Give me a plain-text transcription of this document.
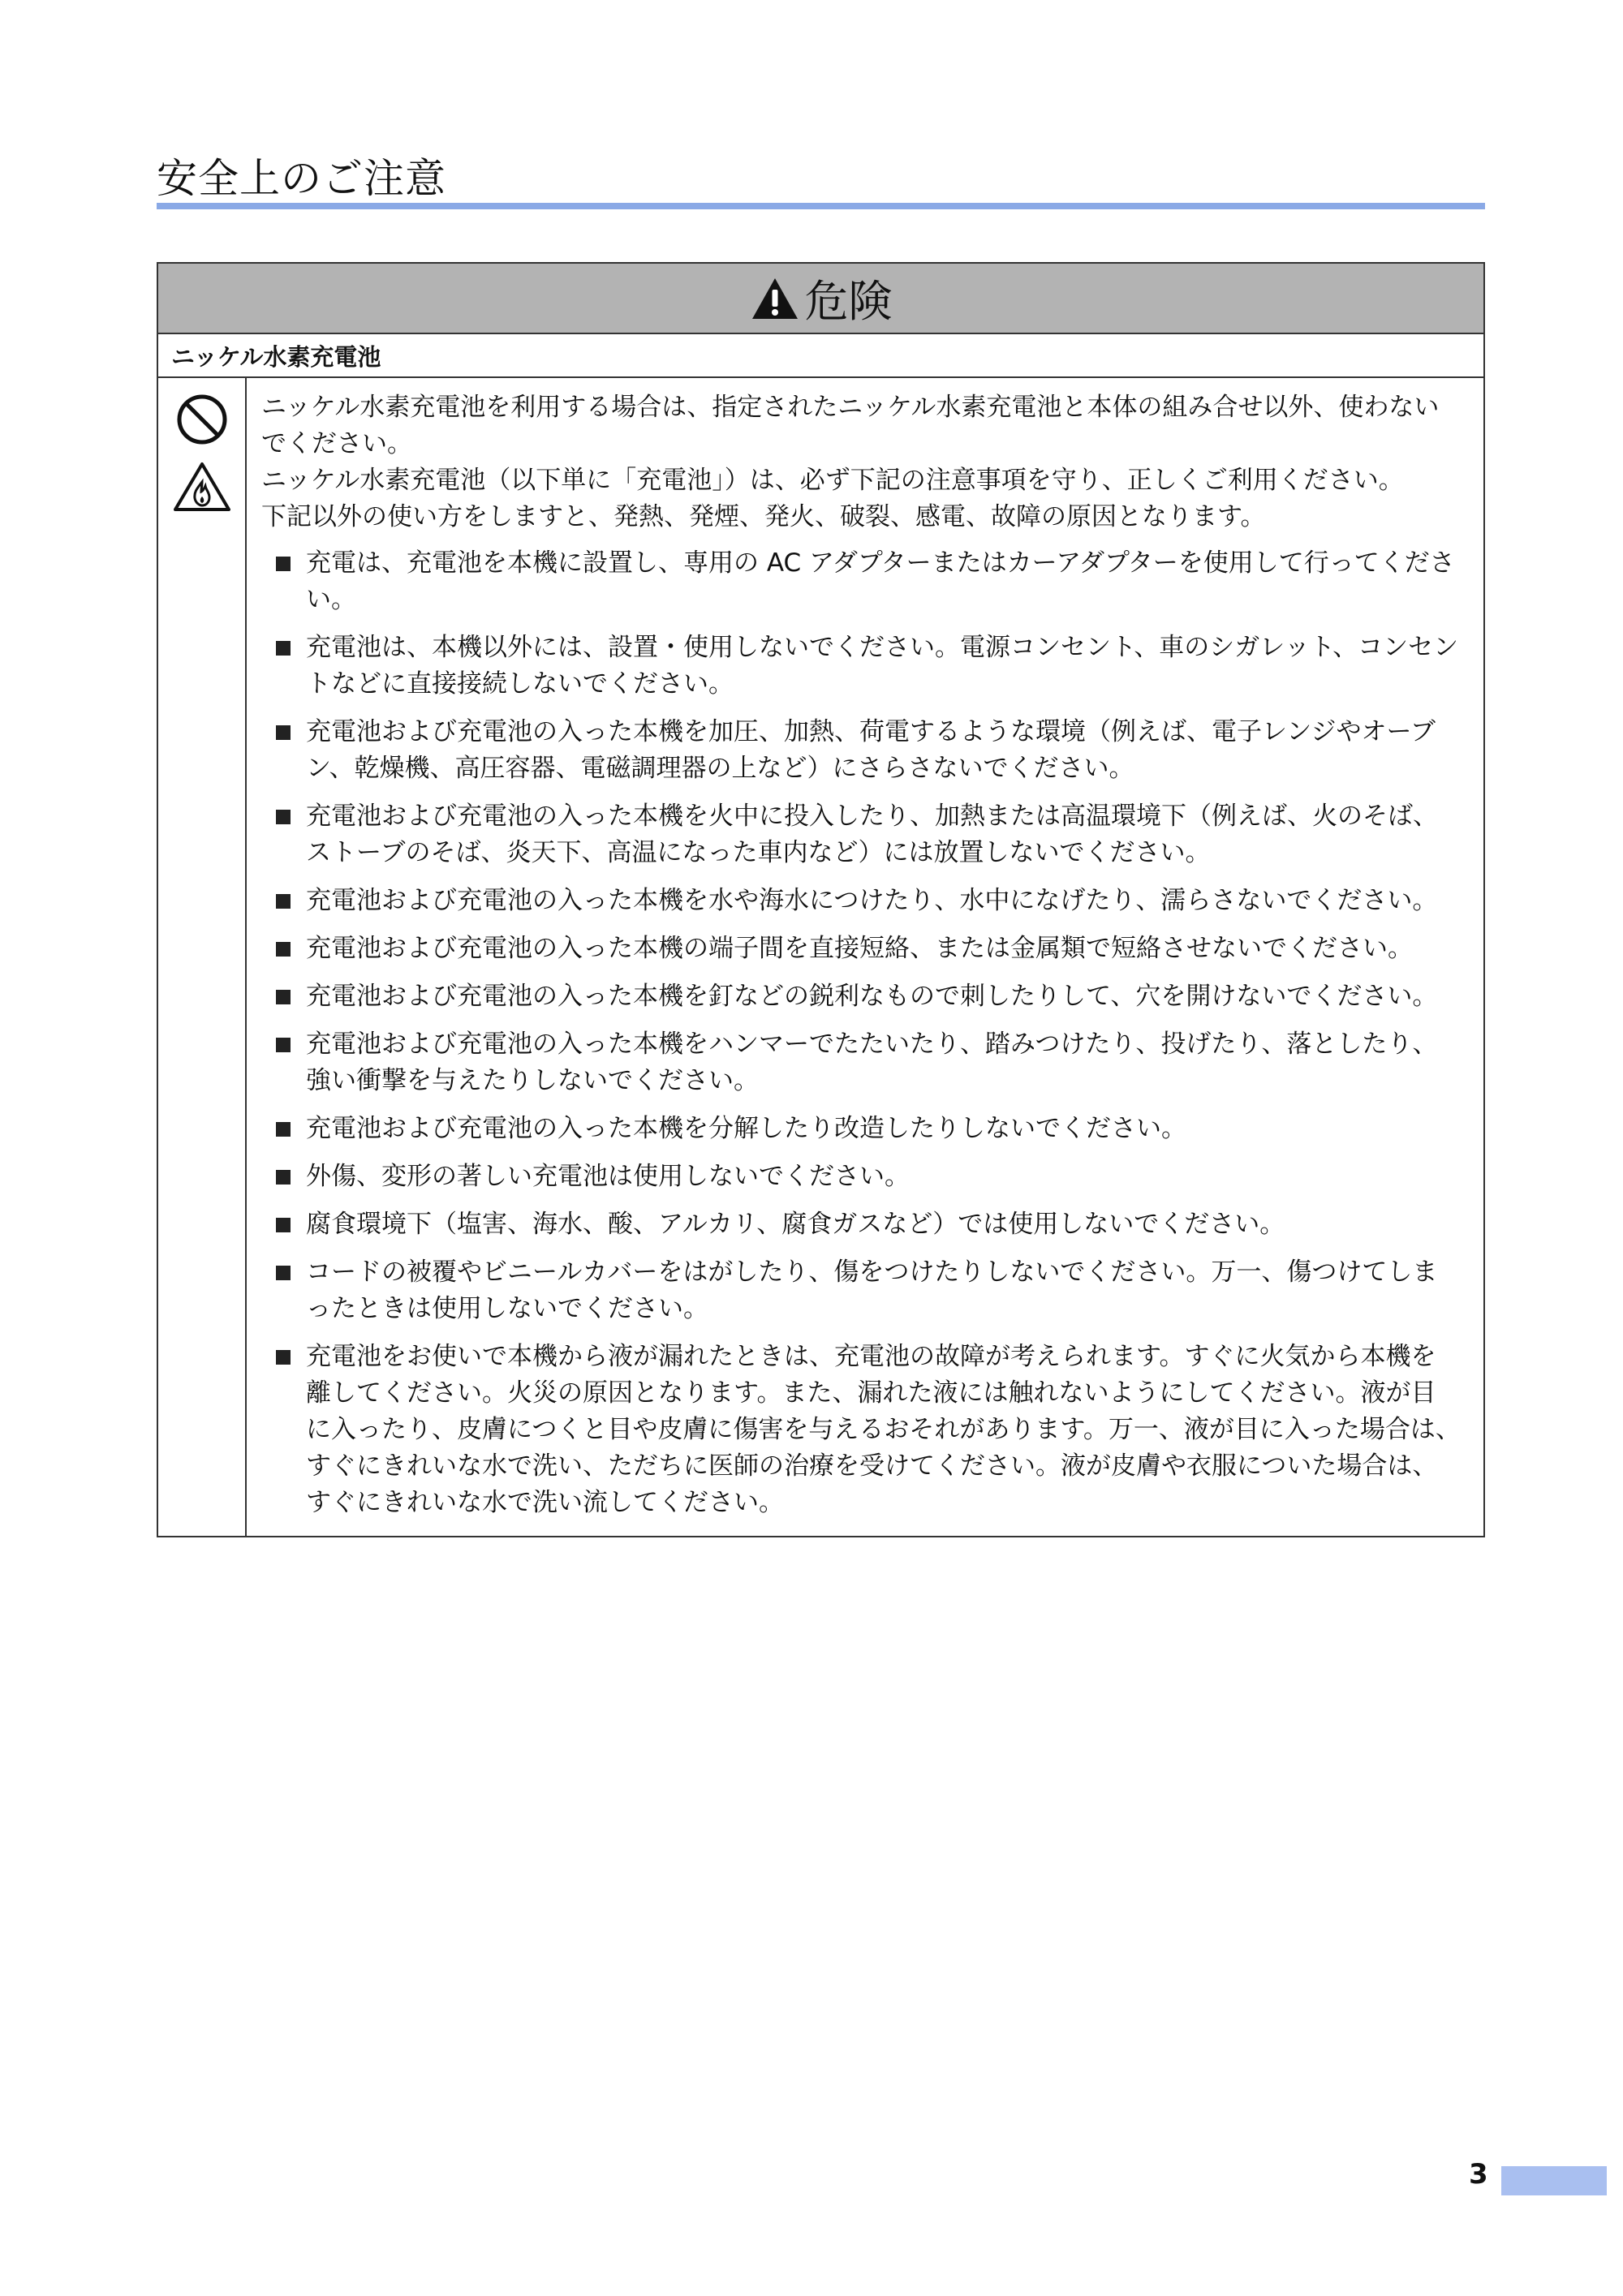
安全上のご注意
危険
ニッケル水素充電池

ニッケル水素充電池を利用する場合は、指定されたニッケル水素充電池と本体の組み合せ以外、使わないでください。

ニッケル水素充電池（以下単に「充電池」）は、必ず下記の注意事項を守り、正しくご利用ください。

下記以外の使い方をしますと、発熱、発煙、発火、破裂、感電、故障の原因となります。

充電は、充電池を本機に設置し、専用の AC アダプターまたはカーアダプターを使用して行ってください。
充電池は、本機以外には、設置・使用しないでください。電源コンセント、車のシガレット、コンセントなどに直接接続しないでください。
充電池および充電池の入った本機を加圧、加熱、荷電するような環境（例えば、電子レンジやオーブン、乾燥機、高圧容器、電磁調理器の上など）にさらさないでください。
充電池および充電池の入った本機を火中に投入したり、加熱または高温環境下（例えば、火のそば、ストーブのそば、炎天下、高温になった車内など）には放置しないでください。
充電池および充電池の入った本機を水や海水につけたり、水中になげたり、濡らさないでください。
充電池および充電池の入った本機の端子間を直接短絡、または金属類で短絡させないでください。
充電池および充電池の入った本機を釘などの鋭利なもので刺したりして、穴を開けないでください。
充電池および充電池の入った本機をハンマーでたたいたり、踏みつけたり、投げたり、落としたり、強い衝撃を与えたりしないでください。
充電池および充電池の入った本機を分解したり改造したりしないでください。
外傷、変形の著しい充電池は使用しないでください。
腐食環境下（塩害、海水、酸、アルカリ、腐食ガスなど）では使用しないでください。
コードの被覆やビニールカバーをはがしたり、傷をつけたりしないでください。万一、傷つけてしまったときは使用しないでください。
充電池をお使いで本機から液が漏れたときは、充電池の故障が考えられます。すぐに火気から本機を離してください。火災の原因となります。また、漏れた液には触れないようにしてください。液が目に入ったり、皮膚につくと目や皮膚に傷害を与えるおそれがあります。万一、液が目に入った場合は、すぐにきれいな水で洗い、ただちに医師の治療を受けてください。液が皮膚や衣服についた場合は、すぐにきれいな水で洗い流してください。
3
